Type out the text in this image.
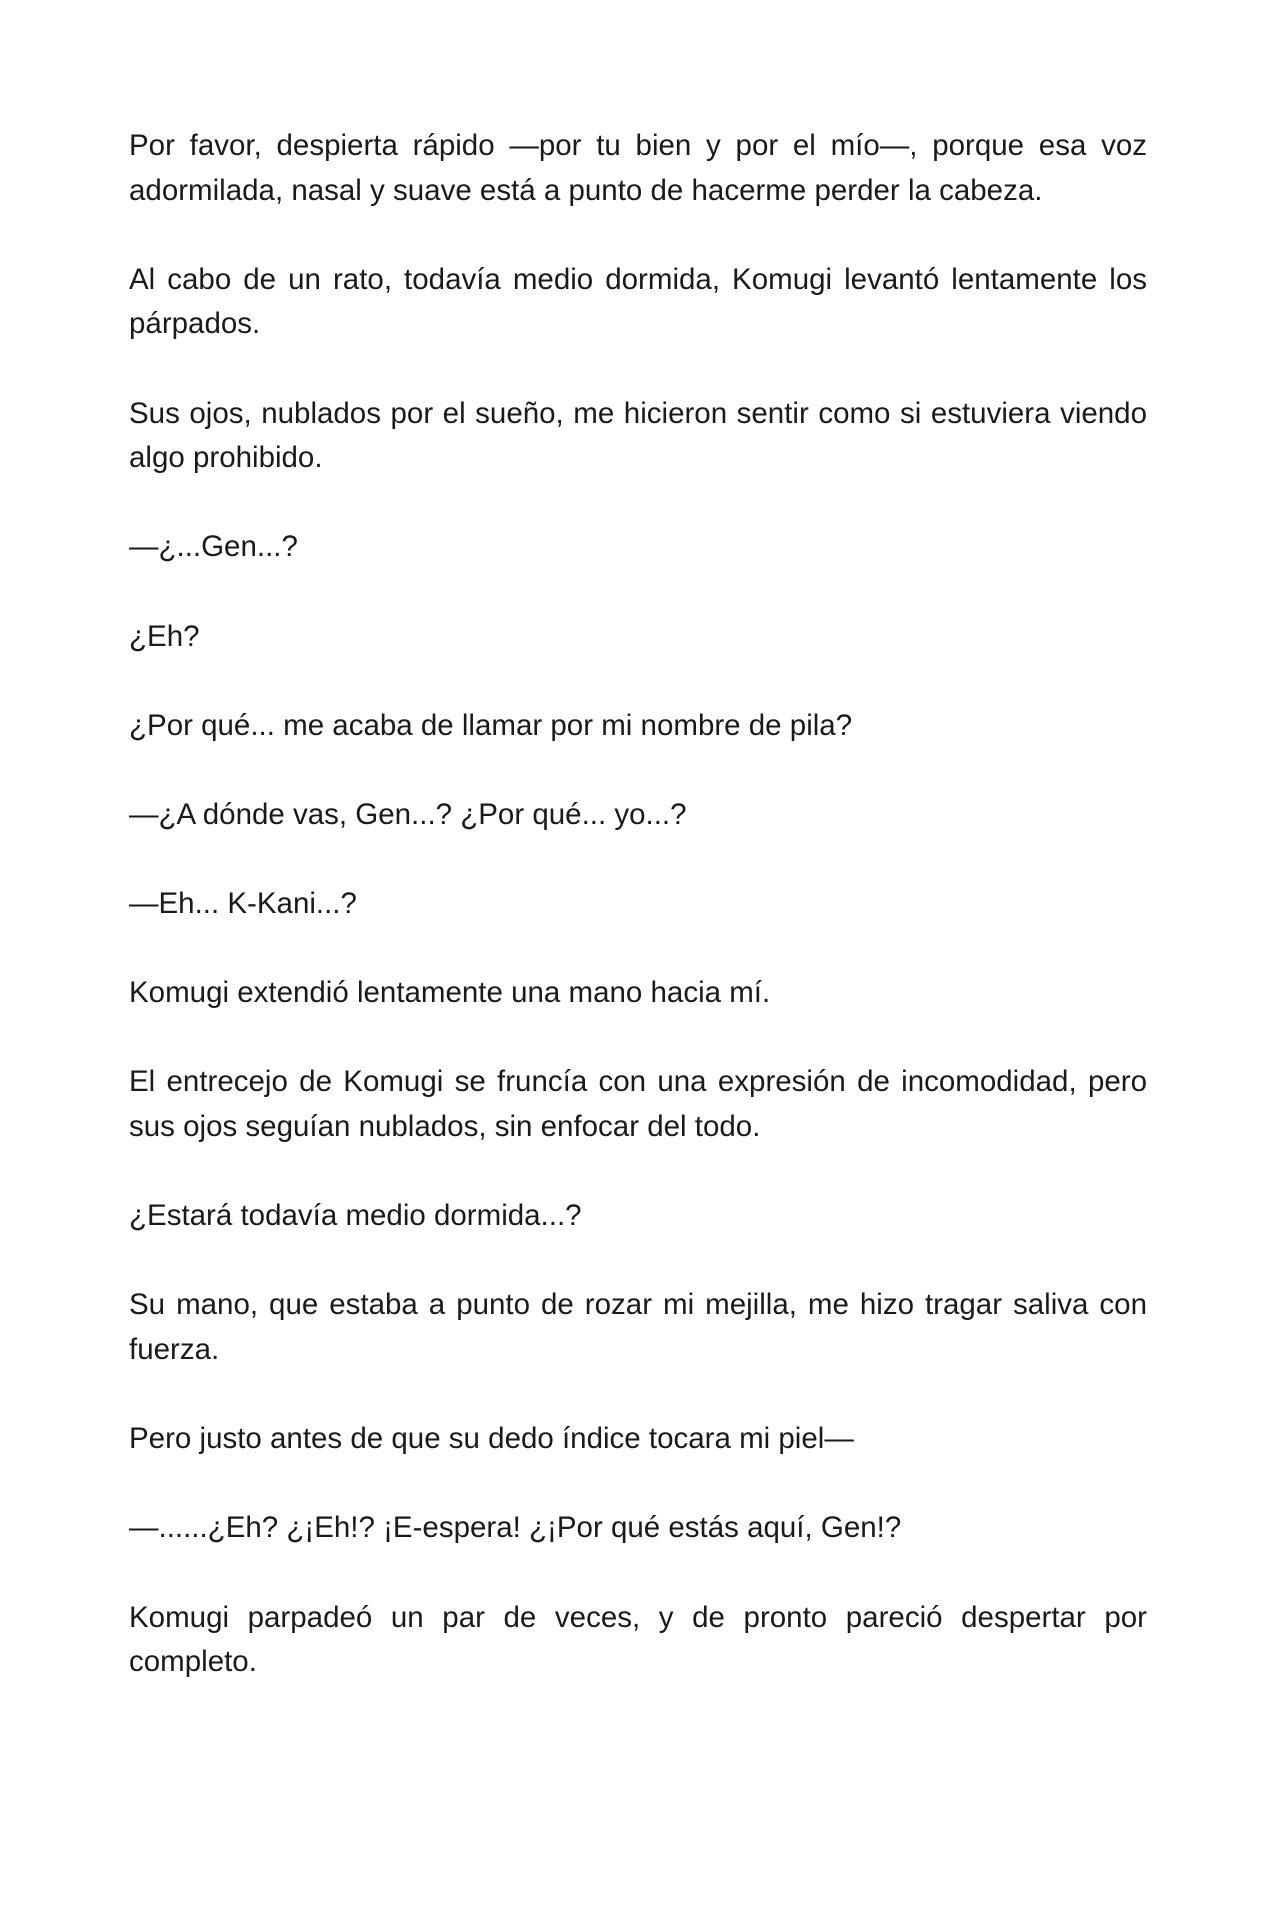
Por favor, despierta rápido —por tu bien y por el mío—, porque esa voz adormilada, nasal y suave está a punto de hacerme perder la cabeza.

Al cabo de un rato, todavía medio dormida, Komugi levantó lentamente los párpados.

Sus ojos, nublados por el sueño, me hicieron sentir como si estuviera viendo algo prohibido.

—¿...Gen...?

¿Eh?

¿Por qué... me acaba de llamar por mi nombre de pila?

—¿A dónde vas, Gen...? ¿Por qué... yo...?

—Eh... K-Kani...?

Komugi extendió lentamente una mano hacia mí.

El entrecejo de Komugi se fruncía con una expresión de incomodidad, pero sus ojos seguían nublados, sin enfocar del todo.

¿Estará todavía medio dormida...?

Su mano, que estaba a punto de rozar mi mejilla, me hizo tragar saliva con fuerza.

Pero justo antes de que su dedo índice tocara mi piel—

—......¿Eh? ¿¡Eh!? ¡E-espera! ¿¡Por qué estás aquí, Gen!?

Komugi parpadeó un par de veces, y de pronto pareció despertar por completo.
